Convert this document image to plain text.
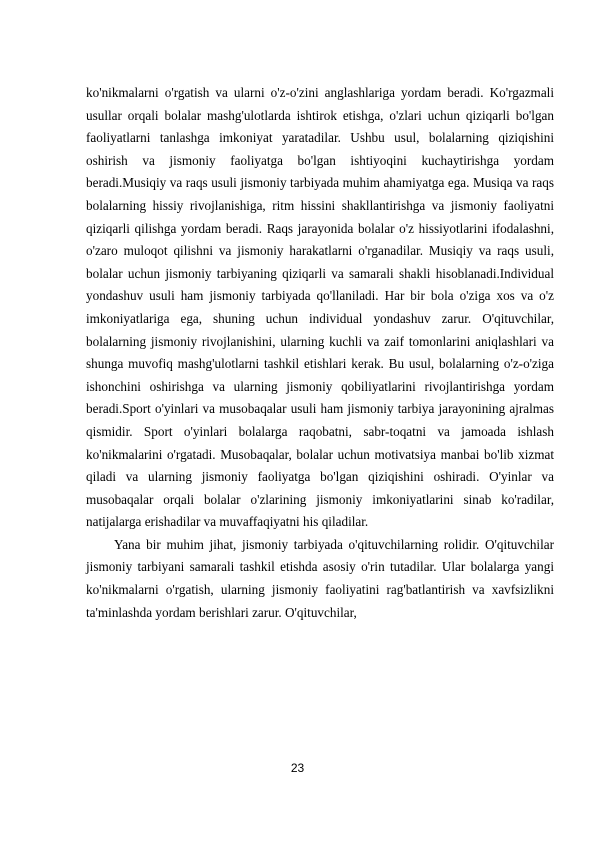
ko'nikmalarni o'rgatish va ularni o'z-o'zini anglashlariga yordam beradi. Ko'rgazmali usullar orqali bolalar mashg'ulotlarda ishtirok etishga, o'zlari uchun qiziqarli bo'lgan faoliyatlarni tanlashga imkoniyat yaratadilar. Ushbu usul, bolalarning qiziqishini oshirish va jismoniy faoliyatga bo'lgan ishtiyoqini kuchaytirishga yordam beradi.Musiqiy va raqs usuli jismoniy tarbiyada muhim ahamiyatga ega. Musiqa va raqs bolalarning hissiy rivojlanishiga, ritm hissini shakllantirishga va jismoniy faoliyatni qiziqarli qilishga yordam beradi. Raqs jarayonida bolalar o'z hissiyotlarini ifodalashni, o'zaro muloqot qilishni va jismoniy harakatlarni o'rganadilar. Musiqiy va raqs usuli, bolalar uchun jismoniy tarbiyaning qiziqarli va samarali shakli hisoblanadi.Individual yondashuv usuli ham jismoniy tarbiyada qo'llaniladi. Har bir bola o'ziga xos va o'z imkoniyatlariga ega, shuning uchun individual yondashuv zarur. O'qituvchilar, bolalarning jismoniy rivojlanishini, ularning kuchli va zaif tomonlarini aniqlashlari va shunga muvofiq mashg'ulotlarni tashkil etishlari kerak. Bu usul, bolalarning o'z-o'ziga ishonchini oshirishga va ularning jismoniy qobiliyatlarini rivojlantirishga yordam beradi.Sport o'yinlari va musobaqalar usuli ham jismoniy tarbiya jarayonining ajralmas qismidir. Sport o'yinlari bolalarga raqobatni, sabr-toqatni va jamoada ishlash ko'nikmalarini o'rgatadi. Musobaqalar, bolalar uchun motivatsiya manbai bo'lib xizmat qiladi va ularning jismoniy faoliyatga bo'lgan qiziqishini oshiradi. O'yinlar va musobaqalar orqali bolalar o'zlarining jismoniy imkoniyatlarini sinab ko'radilar, natijalarga erishadilar va muvaffaqiyatni his qiladilar.

Yana bir muhim jihat, jismoniy tarbiyada o'qituvchilarning rolidir. O'qituvchilar jismoniy tarbiyani samarali tashkil etishda asosiy o'rin tutadilar. Ular bolalarga yangi ko'nikmalarni o'rgatish, ularning jismoniy faoliyatini rag'batlantirish va xavfsizlikni ta'minlashda yordam berishlari zarur. O'qituvchilar,

23
